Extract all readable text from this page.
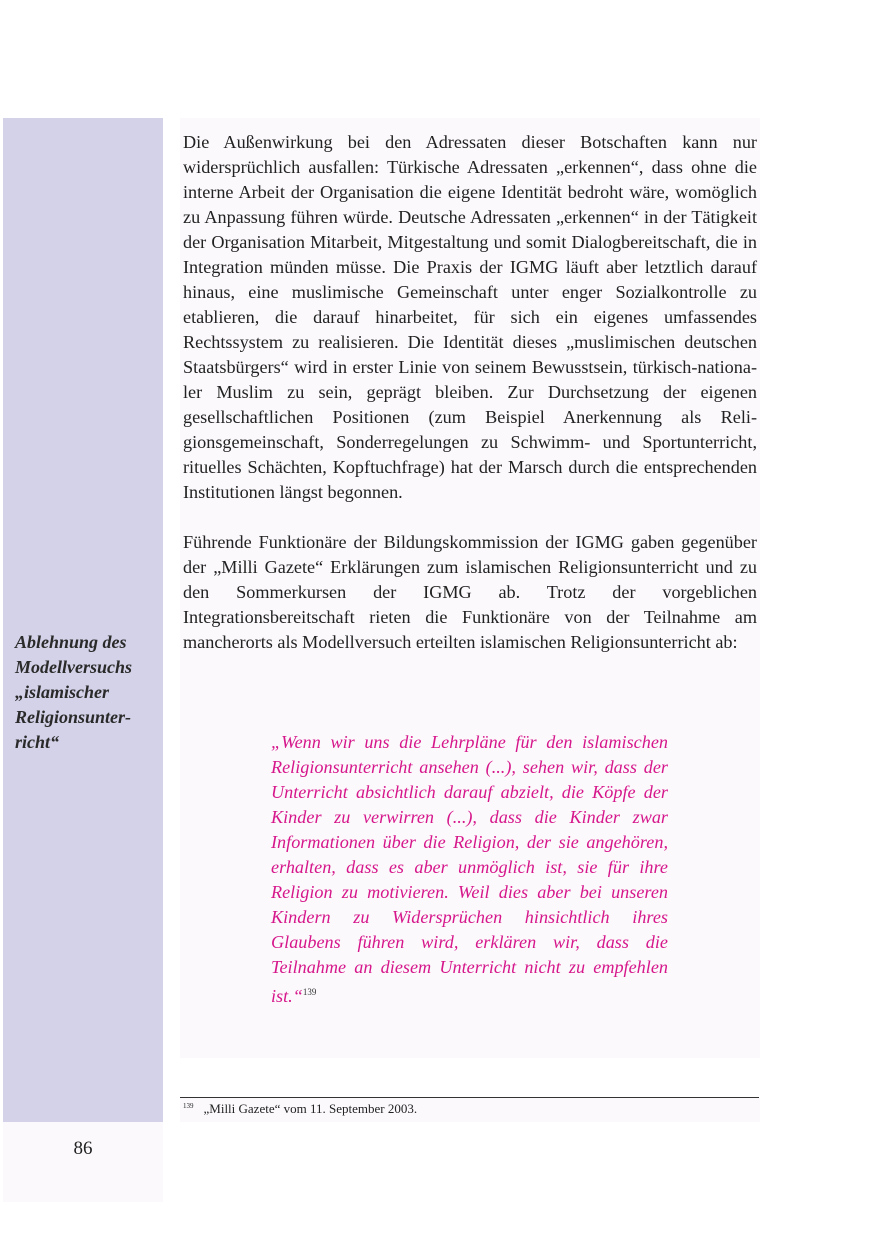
86
Ablehnung des
Modellversuchs
„islamischer
Religionsunter-
richt“

Die Außenwirkung bei den Adressaten dieser Botschaften kann nur widersprüchlich ausfallen: Türkische Adressaten „erkennen“, dass ohne die interne Arbeit der Organisation die eigene Identität bedroht wäre, womöglich zu Anpassung führen würde. Deutsche Adressaten „erkennen“ in der Tätigkeit der Organisation Mitarbeit, Mitgestaltung und somit Dialogbereitschaft, die in Integration münden müsse. Die Praxis der IGMG läuft aber letztlich darauf hinaus, eine muslimische Gemeinschaft unter enger Sozialkontrolle zu etablieren, die darauf hinarbeitet, für sich ein eigenes umfassendes Rechtssystem zu realisieren. Die Identität dieses „muslimischen deutschen Staatsbürgers“ wird in erster Linie von seinem Bewusstsein, türkisch-nationaler Muslim zu sein, geprägt bleiben. Zur Durchsetzung der eigenen gesellschaftlichen Positionen (zum Beispiel Anerkennung als Religionsgemeinschaft, Sonderregelungen zu Schwimm- und Sportunterricht, rituelles Schächten, Kopftuchfrage) hat der Marsch durch die entsprechenden Institutionen längst begonnen.

Führende Funktionäre der Bildungskommission der IGMG gaben gegenüber der „Milli Gazete“ Erklärungen zum islamischen Religionsunterricht und zu den Sommerkursen der IGMG ab. Trotz der vorgeblichen Integrationsbereitschaft rieten die Funktionäre von der Teilnahme am mancherorts als Modellversuch erteilten islamischen Religionsunterricht ab:

„Wenn wir uns die Lehrpläne für den islamischen Religionsunterricht ansehen (...), sehen wir, dass der Unterricht absichtlich darauf abzielt, die Köpfe der Kinder zu verwirren (...), dass die Kinder zwar Informationen über die Religion, der sie angehören, erhalten, dass es aber unmöglich ist, sie für ihre Religion zu motivieren. Weil dies aber bei unseren Kindern zu Widersprüchen hinsichtlich ihres Glaubens führen wird, erklären wir, dass die Teilnahme an diesem Unterricht nicht zu empfehlen ist.“$^{139}$
$^{139}$ „Milli Gazete“ vom 11. September 2003.
